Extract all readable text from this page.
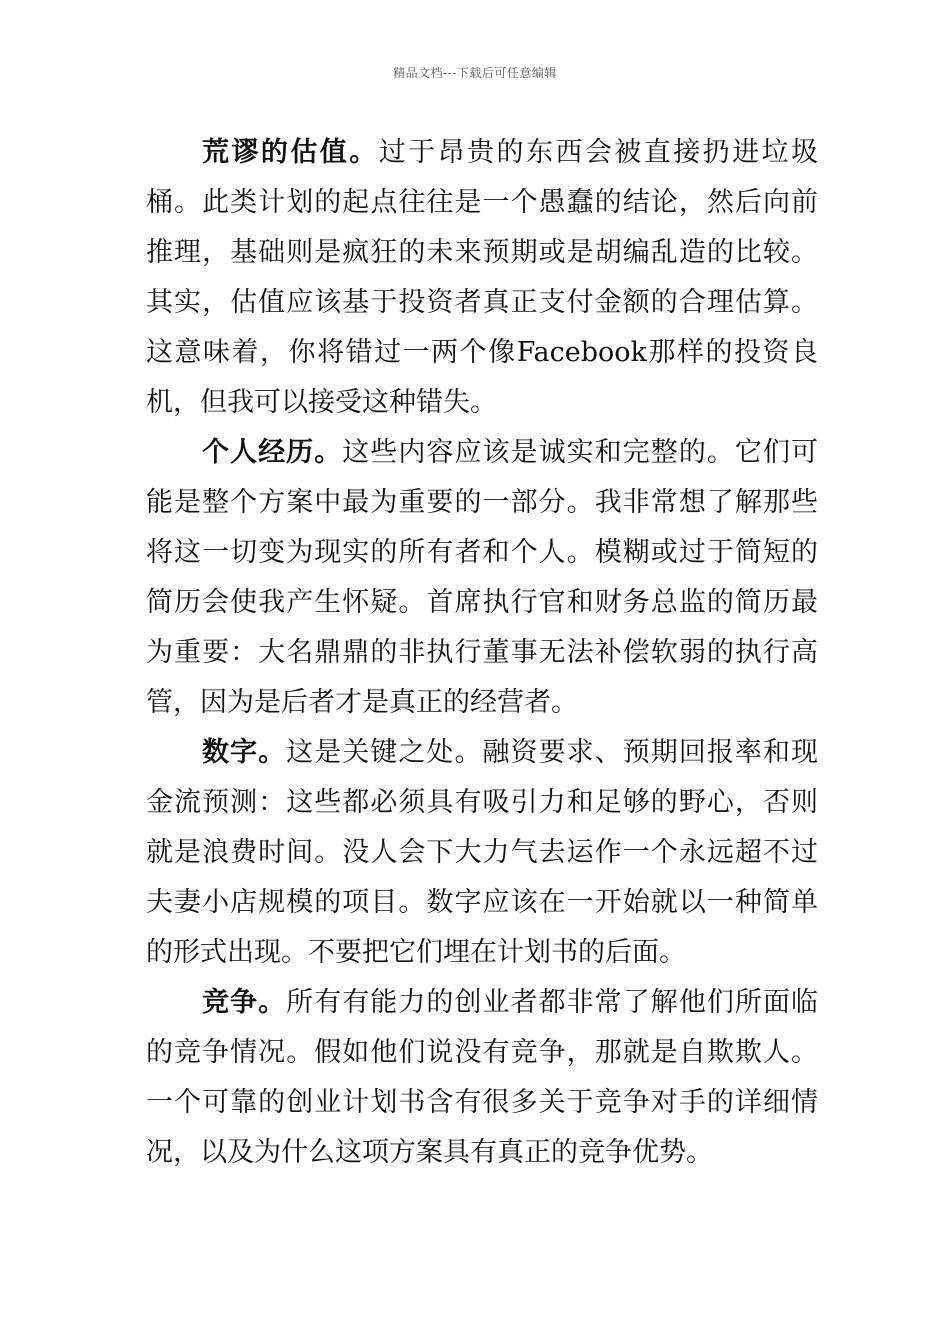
精品文档---下载后可任意编辑

荒谬的估值。过于昂贵的东西会被直接扔进垃圾桶。此类计划的起点往往是一个愚蠢的结论，然后向前推理，基础则是疯狂的未来预期或是胡编乱造的比较。其实，估值应该基于投资者真正支付金额的合理估算。这意味着，你将错过一两个像Facebook那样的投资良机，但我可以接受这种错失。

个人经历。这些内容应该是诚实和完整的。它们可能是整个方案中最为重要的一部分。我非常想了解那些将这一切变为现实的所有者和个人。模糊或过于简短的简历会使我产生怀疑。首席执行官和财务总监的简历最为重要：大名鼎鼎的非执行董事无法补偿软弱的执行高管，因为是后者才是真正的经营者。

数字。这是关键之处。融资要求、预期回报率和现金流预测：这些都必须具有吸引力和足够的野心，否则就是浪费时间。没人会下大力气去运作一个永远超不过夫妻小店规模的项目。数字应该在一开始就以一种简单的形式出现。不要把它们埋在计划书的后面。

竞争。所有有能力的创业者都非常了解他们所面临的竞争情况。假如他们说没有竞争，那就是自欺欺人。一个可靠的创业计划书含有很多关于竞争对手的详细情况，以及为什么这项方案具有真正的竞争优势。
